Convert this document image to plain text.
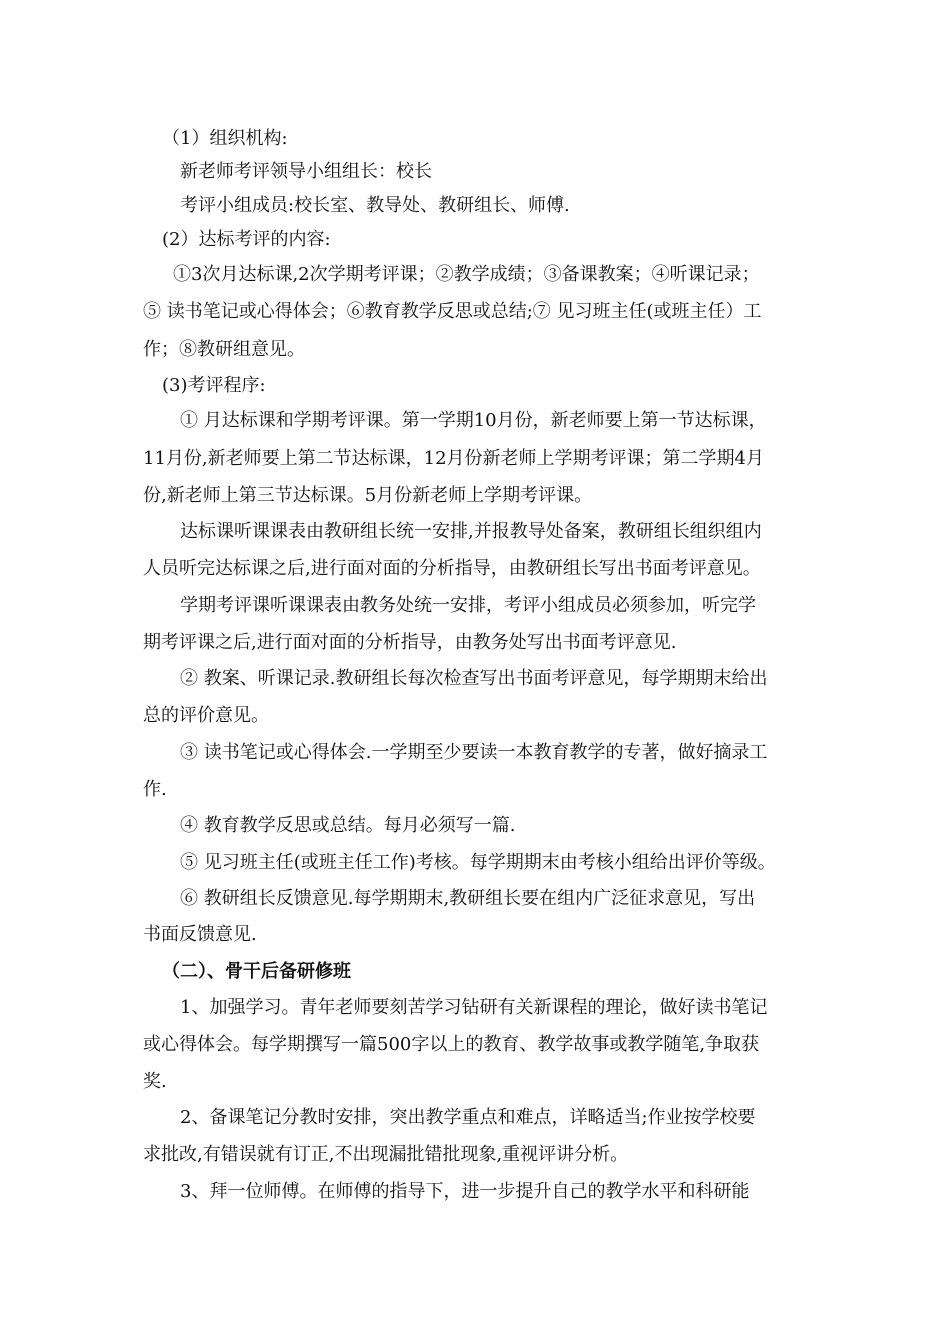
（1）组织机构:
新老师考评领导小组组长：校长
考评小组成员:校长室、教导处、教研组长、师傅.
(2）达标考评的内容:
①3次月达标课,2次学期考评课；②教学成绩；③备课教案；④听课记录；
⑤ 读书笔记或心得体会；⑥教育教学反思或总结;⑦ 见习班主任(或班主任）工
作；⑧教研组意见。
(3)考评程序:
① 月达标课和学期考评课。第一学期10月份，新老师要上第一节达标课，
11月份,新老师要上第二节达标课，12月份新老师上学期考评课；第二学期4月
份,新老师上第三节达标课。5月份新老师上学期考评课。
达标课听课课表由教研组长统一安排,并报教导处备案，教研组长组织组内
人员听完达标课之后,进行面对面的分析指导，由教研组长写出书面考评意见。
学期考评课听课课表由教务处统一安排，考评小组成员必须参加，听完学
期考评课之后,进行面对面的分析指导，由教务处写出书面考评意见.
② 教案、听课记录.教研组长每次检查写出书面考评意见，每学期期末给出
总的评价意见。
③ 读书笔记或心得体会.一学期至少要读一本教育教学的专著，做好摘录工
作.
④ 教育教学反思或总结。每月必须写一篇.
⑤ 见习班主任(或班主任工作)考核。每学期期末由考核小组给出评价等级。
⑥ 教研组长反馈意见.每学期期末,教研组长要在组内广泛征求意见，写出
书面反馈意见.
（二）、骨干后备研修班
1、加强学习。青年老师要刻苦学习钻研有关新课程的理论，做好读书笔记
或心得体会。每学期撰写一篇500字以上的教育、教学故事或教学随笔,争取获
奖.
2、备课笔记分教时安排，突出教学重点和难点，详略适当;作业按学校要
求批改,有错误就有订正,不出现漏批错批现象,重视评讲分析。
3、拜一位师傅。在师傅的指导下，进一步提升自己的教学水平和科研能
